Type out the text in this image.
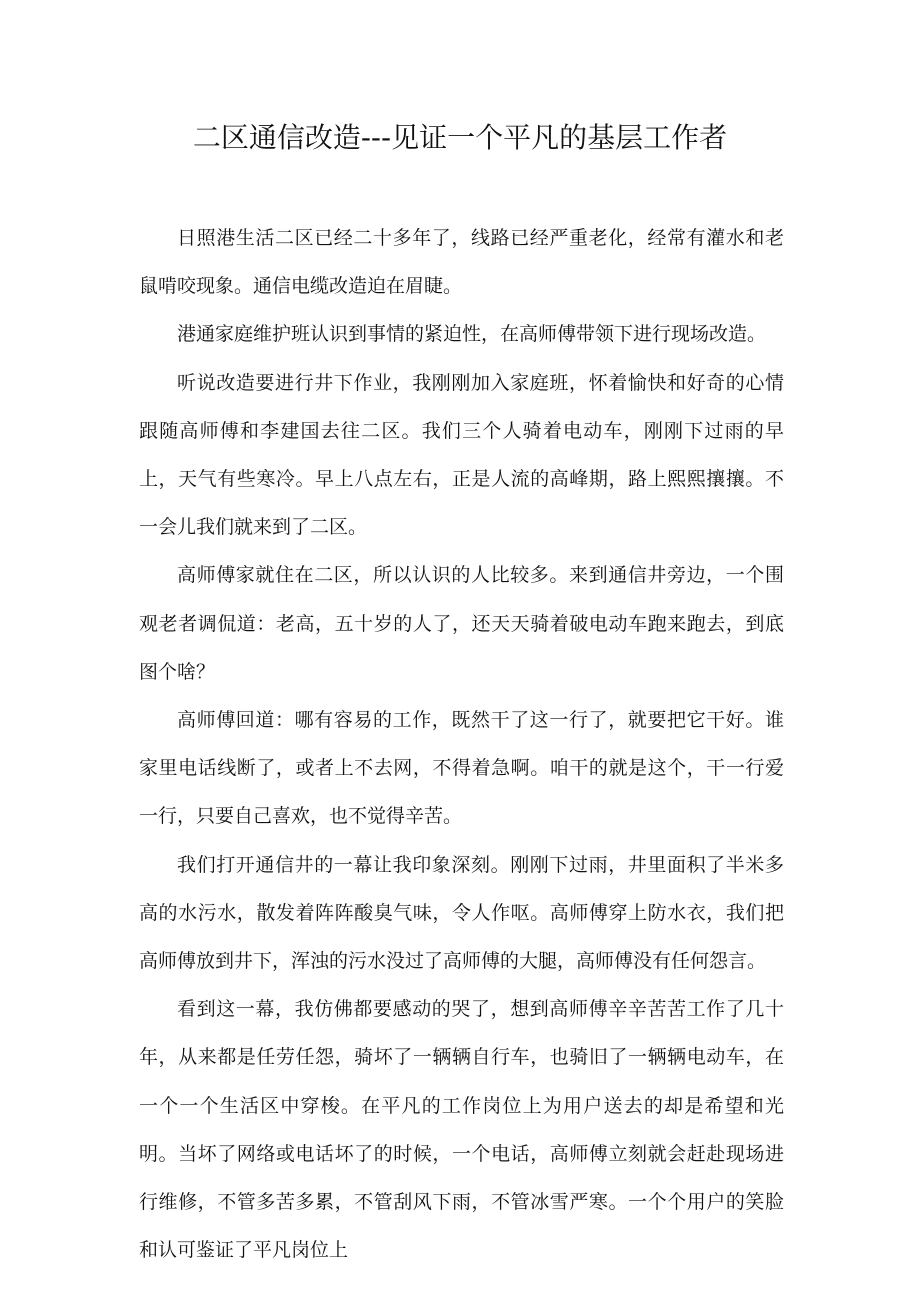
二区通信改造---见证一个平凡的基层工作者

日照港生活二区已经二十多年了，线路已经严重老化，经常有灌水和老鼠啃咬现象。通信电缆改造迫在眉睫。

港通家庭维护班认识到事情的紧迫性，在高师傅带领下进行现场改造。

听说改造要进行井下作业，我刚刚加入家庭班，怀着愉快和好奇的心情跟随高师傅和李建国去往二区。我们三个人骑着电动车，刚刚下过雨的早上，天气有些寒冷。早上八点左右，正是人流的高峰期，路上熙熙攘攘。不一会儿我们就来到了二区。

高师傅家就住在二区，所以认识的人比较多。来到通信井旁边，一个围观老者调侃道：老高，五十岁的人了，还天天骑着破电动车跑来跑去，到底图个啥？

高师傅回道：哪有容易的工作，既然干了这一行了，就要把它干好。谁家里电话线断了，或者上不去网，不得着急啊。咱干的就是这个，干一行爱一行，只要自己喜欢，也不觉得辛苦。

我们打开通信井的一幕让我印象深刻。刚刚下过雨，井里面积了半米多高的水污水，散发着阵阵酸臭气味，令人作呕。高师傅穿上防水衣，我们把高师傅放到井下，浑浊的污水没过了高师傅的大腿，高师傅没有任何怨言。

看到这一幕，我仿佛都要感动的哭了，想到高师傅辛辛苦苦工作了几十年，从来都是任劳任怨，骑坏了一辆辆自行车，也骑旧了一辆辆电动车，在一个一个生活区中穿梭。在平凡的工作岗位上为用户送去的却是希望和光明。当坏了网络或电话坏了的时候，一个电话，高师傅立刻就会赶赴现场进行维修，不管多苦多累，不管刮风下雨，不管冰雪严寒。一个个用户的笑脸和认可鉴证了平凡岗位上
